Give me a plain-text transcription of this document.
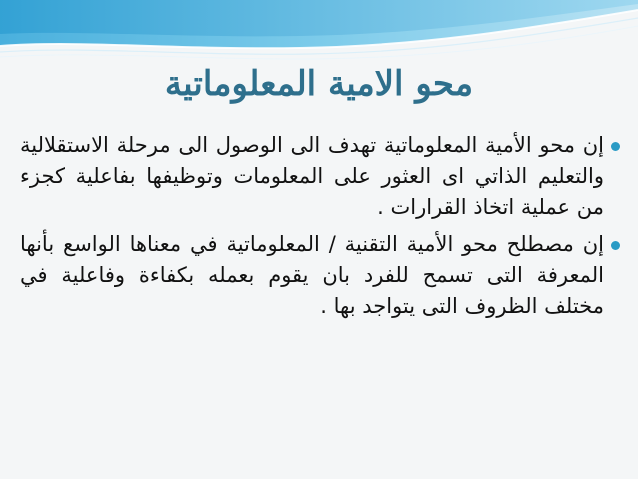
محو الامية المعلوماتية
إن محو الأمية المعلوماتية تهدف الى الوصول الى مرحلة الاستقلالية والتعليم الذاتي اى العثور على المعلومات وتوظيفها بفاعلية كجزء من عملية اتخاذ القرارات .
إن مصطلح محو الأمية التقنية / المعلوماتية في معناها الواسع بأنها المعرفة التى تسمح للفرد بان يقوم بعمله بكفاءة وفاعلية في مختلف الظروف التى يتواجد بها .
